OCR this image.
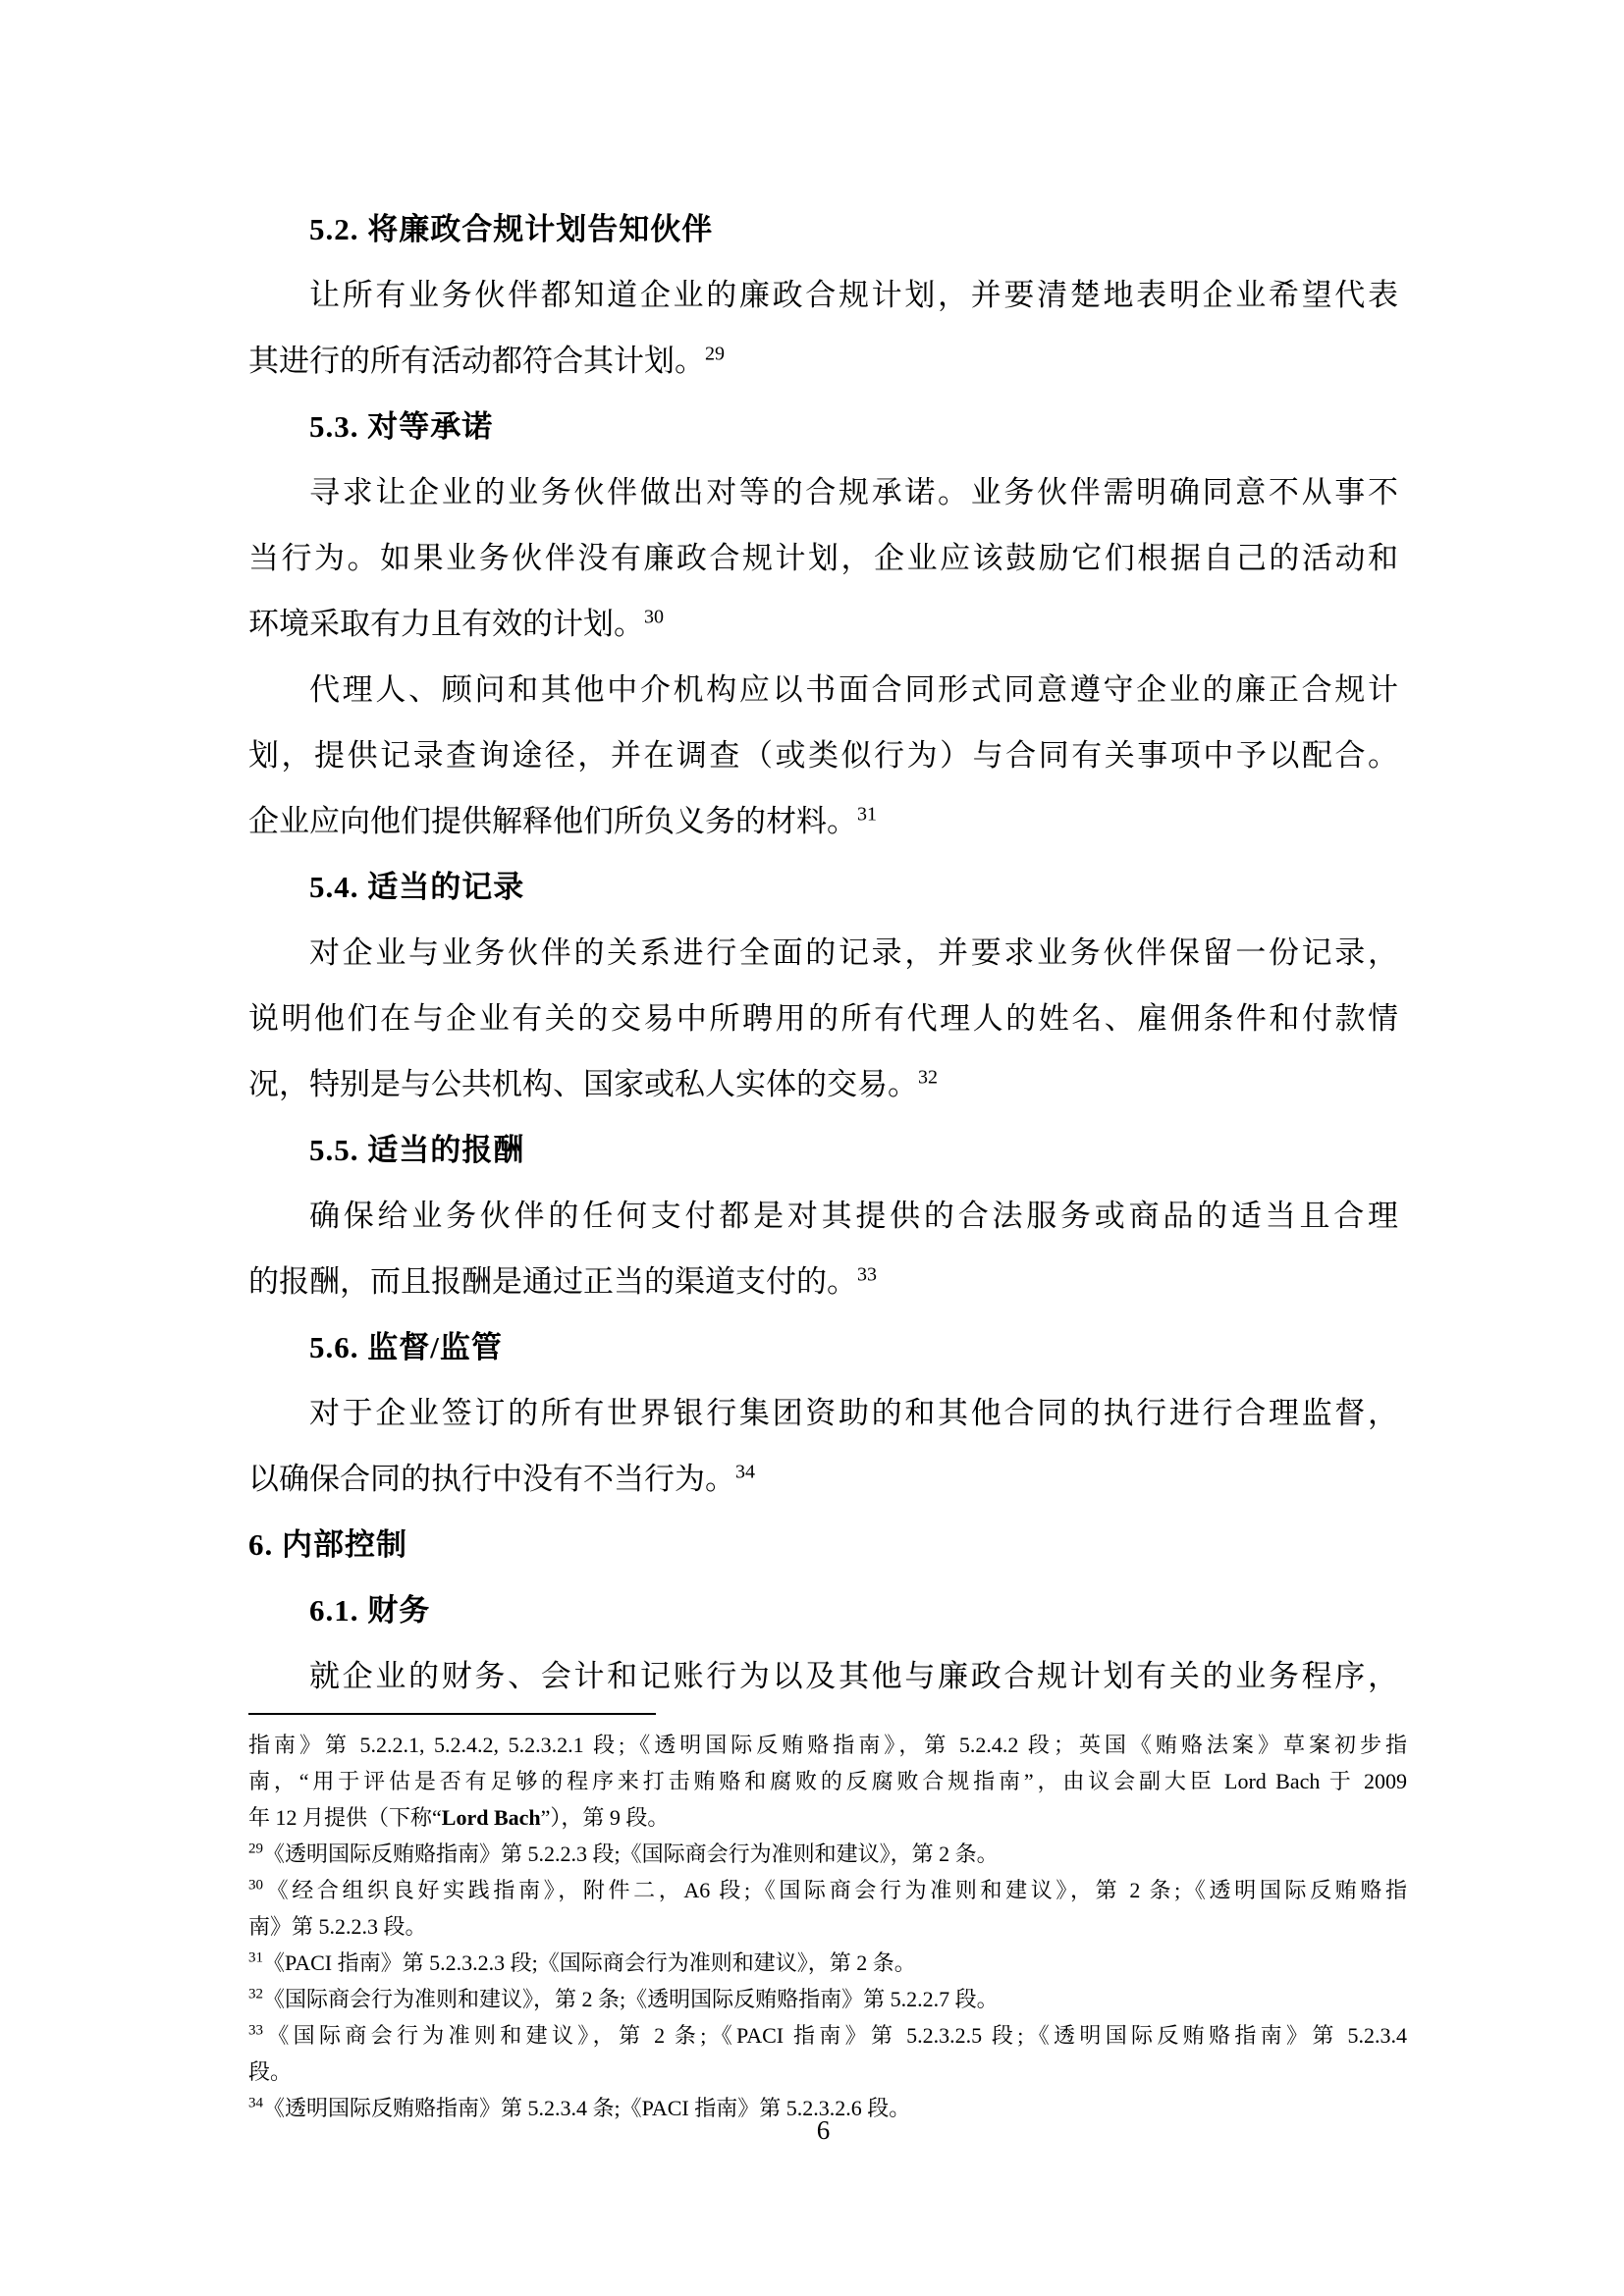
5.2. 将廉政合规计划告知伙伴
让所有业务伙伴都知道企业的廉政合规计划，并要清楚地表明企业希望代表
其进行的所有活动都符合其计划。$^{29}$
5.3. 对等承诺
寻求让企业的业务伙伴做出对等的合规承诺。业务伙伴需明确同意不从事不
当行为。如果业务伙伴没有廉政合规计划，企业应该鼓励它们根据自己的活动和
环境采取有力且有效的计划。$^{30}$
代理人、顾问和其他中介机构应以书面合同形式同意遵守企业的廉正合规计
划，提供记录查询途径，并在调查（或类似行为）与合同有关事项中予以配合。
企业应向他们提供解释他们所负义务的材料。$^{31}$
5.4. 适当的记录
对企业与业务伙伴的关系进行全面的记录，并要求业务伙伴保留一份记录，
说明他们在与企业有关的交易中所聘用的所有代理人的姓名、雇佣条件和付款情
况，特别是与公共机构、国家或私人实体的交易。$^{32}$
5.5. 适当的报酬
确保给业务伙伴的任何支付都是对其提供的合法服务或商品的适当且合理
的报酬，而且报酬是通过正当的渠道支付的。$^{33}$
5.6. 监督/监管
对于企业签订的所有世界银行集团资助的和其他合同的执行进行合理监督，
以确保合同的执行中没有不当行为。$^{34}$
6. 内部控制
6.1. 财务
就企业的财务、会计和记账行为以及其他与廉政合规计划有关的业务程序，
指南》第 5.2.2.1, 5.2.4.2, 5.2.3.2.1 段;《透明国际反贿赂指南》，第 5.2.4.2 段；英国《贿赂法案》草案初步指
南，“用于评估是否有足够的程序来打击贿赂和腐败的反腐败合规指南”，由议会副大臣 Lord Bach 于 2009
年 12 月提供（下称“Lord Bach”），第 9 段。
$^{29}$《透明国际反贿赂指南》第 5.2.2.3 段;《国际商会行为准则和建议》，第 2 条。
$^{30}$《经合组织良好实践指南》，附件二，A6 段;《国际商会行为准则和建议》，第 2 条;《透明国际反贿赂指
南》第 5.2.2.3 段。
$^{31}$《PACI 指南》第 5.2.3.2.3 段;《国际商会行为准则和建议》，第 2 条。
$^{32}$《国际商会行为准则和建议》，第 2 条;《透明国际反贿赂指南》第 5.2.2.7 段。
$^{33}$《国际商会行为准则和建议》，第 2 条;《PACI 指南》第 5.2.3.2.5 段;《透明国际反贿赂指南》第 5.2.3.4
段。
$^{34}$《透明国际反贿赂指南》第 5.2.3.4 条;《PACI 指南》第 5.2.3.2.6 段。
6
